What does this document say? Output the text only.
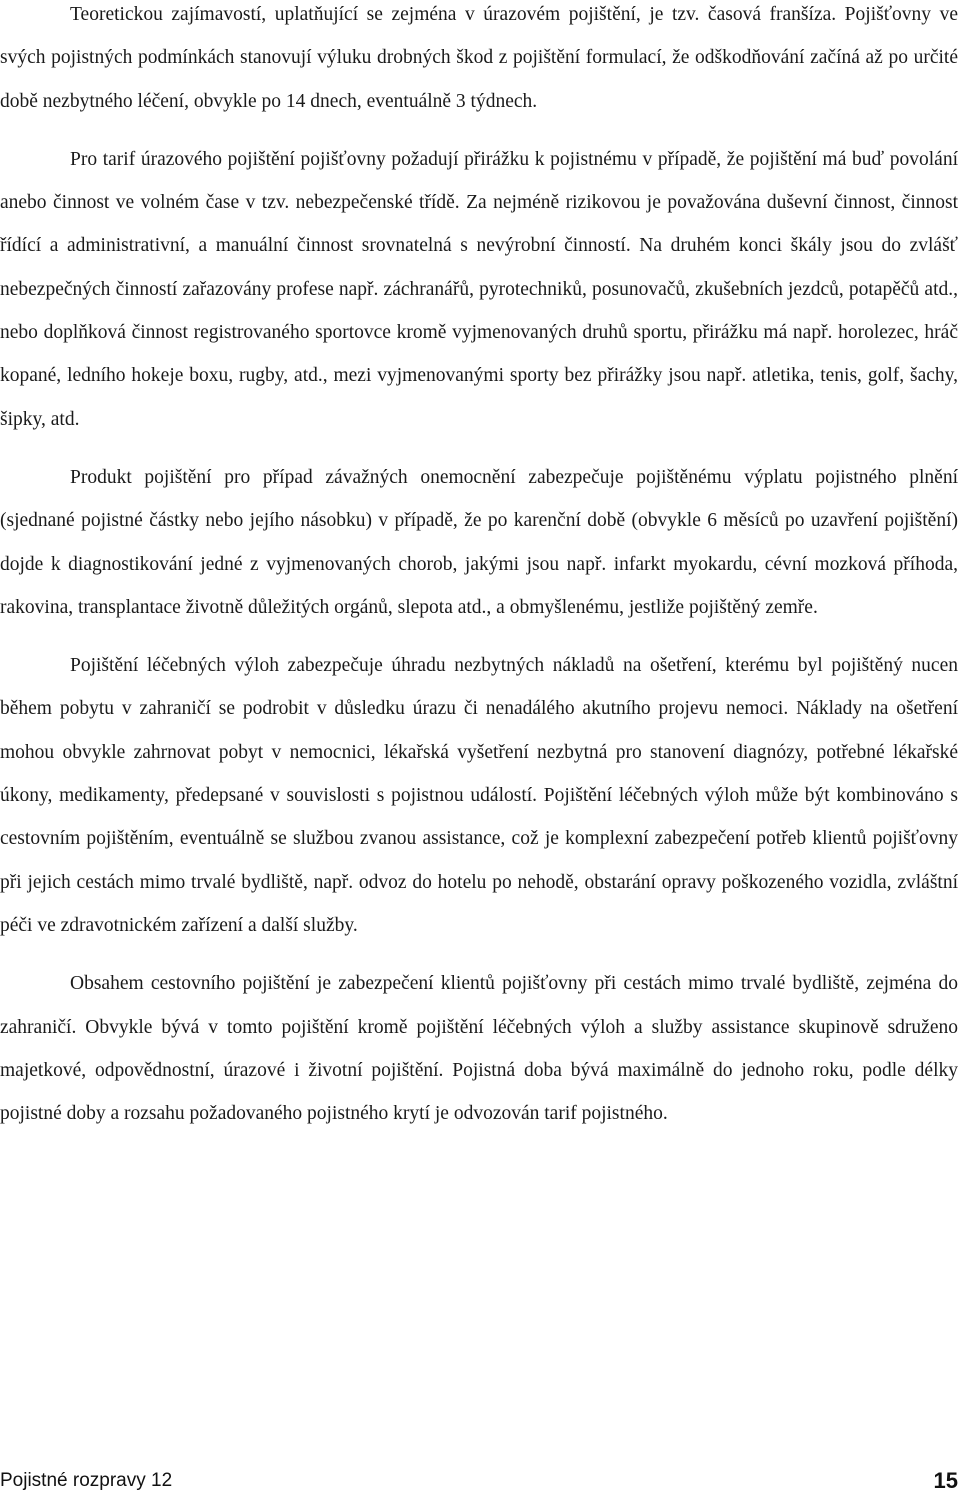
Teoretickou zajímavostí, uplatňující se zejména v úrazovém pojištění, je tzv. časová franšíza. Pojišťovny ve svých pojistných podmínkách stanovují výluku drobných škod z pojištění formulací, že odškodňování začíná až po určité době nezbytného léčení, obvykle po 14 dnech, eventuálně 3 týdnech.

Pro tarif úrazového pojištění pojišťovny požadují přirážku k pojistnému v případě, že pojištění má buď povolání anebo činnost ve volném čase v tzv. nebezpečenské třídě. Za nejméně rizikovou je považována duševní činnost, činnost řídící a administrativní, a manuální činnost srovnatelná s nevýrobní činností. Na druhém konci škály jsou do zvlášť nebezpečných činností zařazovány profese např. záchranářů, pyrotechniků, posunovačů, zkušebních jezdců, potapěčů atd., nebo doplňková činnost registrovaného sportovce kromě vyjmenovaných druhů sportu, přirážku má např. horolezec, hráč kopané, ledního hokeje boxu, rugby, atd., mezi vyjmenovanými sporty bez přirážky jsou např. atletika, tenis, golf, šachy, šipky, atd.

Produkt pojištění pro případ závažných onemocnění zabezpečuje pojištěnému výplatu pojistného plnění (sjednané pojistné částky nebo jejího násobku) v případě, že po karenční době (obvykle 6 měsíců po uzavření pojištění) dojde k diagnostikování jedné z vyjmenovaných chorob, jakými jsou např. infarkt myokardu, cévní mozková příhoda, rakovina, transplantace životně důležitých orgánů, slepota atd., a obmyšlenému, jestliže pojištěný zemře.

Pojištění léčebných výloh zabezpečuje úhradu nezbytných nákladů na ošetření, kterému byl pojištěný nucen během pobytu v zahraničí se podrobit v důsledku úrazu či nenadálého akutního projevu nemoci. Náklady na ošetření mohou obvykle zahrnovat pobyt v nemocnici, lékařská vyšetření nezbytná pro stanovení diagnózy, potřebné lékařské úkony, medikamenty, předepsané v souvislosti s pojistnou událostí. Pojištění léčebných výloh může být kombinováno s cestovním pojištěním, eventuálně se službou zvanou assistance, což je komplexní zabezpečení potřeb klientů pojišťovny při jejich cestách mimo trvalé bydliště, např. odvoz do hotelu po nehodě, obstarání opravy poškozeného vozidla, zvláštní péči ve zdravotnickém zařízení a další služby.

Obsahem cestovního pojištění je zabezpečení klientů pojišťovny při cestách mimo trvalé bydliště, zejména do zahraničí. Obvykle bývá v tomto pojištění kromě pojištění léčebných výloh a služby assistance skupinově sdruženo majetkové, odpovědnostní, úrazové i životní pojištění. Pojistná doba bývá maximálně do jednoho roku, podle délky pojistné doby a rozsahu požadovaného pojistného krytí je odvozován tarif pojistného.

Pojistné rozpravy 12	15
